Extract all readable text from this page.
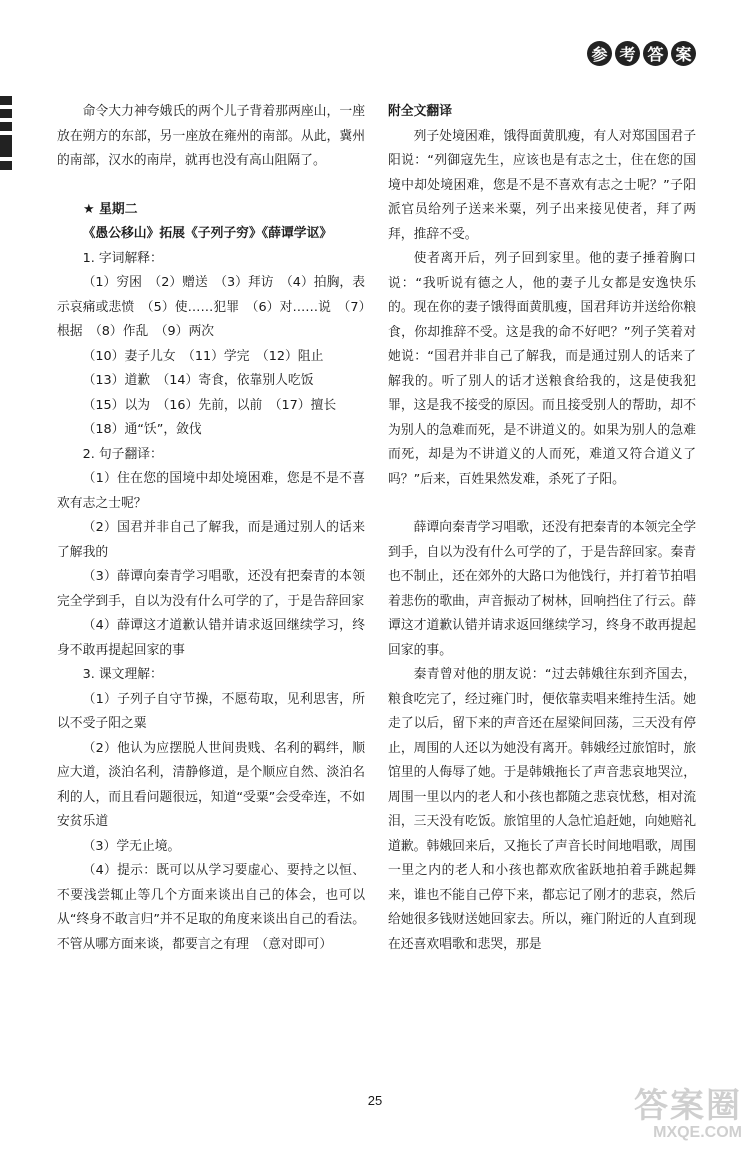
参 考 答 案

命令大力神夸娥氏的两个儿子背着那两座山，一座放在朔方的东部，另一座放在雍州的南部。从此，冀州的南部，汉水的南岸，就再也没有高山阻隔了。

★ 星期二

《愚公移山》拓展《子列子穷》《薛谭学讴》

1. 字词解释：

（1）穷困　（2）赠送　（3）拜访　（4）拍胸，表示哀痛或悲愤　（5）使……犯罪　（6）对……说　（7）根据　（8）作乱　（9）两次

（10）妻子儿女　（11）学完　（12）阻止

（13）道歉　（14）寄食，依靠别人吃饭

（15）以为　（16）先前，以前　（17）擅长

（18）通“饫”，敛伐

2. 句子翻译：

（1）住在您的国境中却处境困难，您是不是不喜欢有志之士呢？

（2）国君并非自己了解我，而是通过别人的话来了解我的

（3）薛谭向秦青学习唱歌，还没有把秦青的本领完全学到手，自以为没有什么可学的了，于是告辞回家

（4）薛谭这才道歉认错并请求返回继续学习，终身不敢再提起回家的事

3. 课文理解：

（1）子列子自守节操，不愿苟取，见利思害，所以不受子阳之粟

（2）他认为应摆脱人世间贵贱、名利的羁绊，顺应大道，淡泊名利，清静修道，是个顺应自然、淡泊名利的人，而且看问题很远，知道“受粟”会受牵连，不如安贫乐道

（3）学无止境。

（4）提示：既可以从学习要虚心、要持之以恒、不要浅尝辄止等几个方面来谈出自己的体会，也可以从“终身不敢言归”并不足取的角度来谈出自己的看法。不管从哪方面来谈，都要言之有理　（意对即可）

附全文翻译

列子处境困难，饿得面黄肌瘦，有人对郑国国君子阳说：“列御寇先生，应该也是有志之士，住在您的国境中却处境困难，您是不是不喜欢有志之士呢？”子阳派官员给列子送来米粟，列子出来接见使者，拜了两拜，推辞不受。

使者离开后，列子回到家里。他的妻子捶着胸口说：“我听说有德之人，他的妻子儿女都是安逸快乐的。现在你的妻子饿得面黄肌瘦，国君拜访并送给你粮食，你却推辞不受。这是我的命不好吧？”列子笑着对她说：“国君并非自己了解我，而是通过别人的话来了解我的。听了别人的话才送粮食给我的，这是使我犯罪，这是我不接受的原因。而且接受别人的帮助，却不为别人的急难而死，是不讲道义的。如果为别人的急难而死，却是为不讲道义的人而死，难道又符合道义了吗？”后来，百姓果然发难，杀死了子阳。

薛谭向秦青学习唱歌，还没有把秦青的本领完全学到手，自以为没有什么可学的了，于是告辞回家。秦青也不制止，还在郊外的大路口为他饯行，并打着节拍唱着悲伤的歌曲，声音振动了树林，回响挡住了行云。薛谭这才道歉认错并请求返回继续学习，终身不敢再提起回家的事。

秦青曾对他的朋友说：“过去韩娥往东到齐国去，粮食吃完了，经过雍门时，便依靠卖唱来维持生活。她走了以后，留下来的声音还在屋梁间回荡，三天没有停止，周围的人还以为她没有离开。韩娥经过旅馆时，旅馆里的人侮辱了她。于是韩娥拖长了声音悲哀地哭泣，周围一里以内的老人和小孩也都随之悲哀忧愁，相对流泪，三天没有吃饭。旅馆里的人急忙追赶她，向她赔礼道歉。韩娥回来后，又拖长了声音长时间地唱歌，周围一里之内的老人和小孩也都欢欣雀跃地拍着手跳起舞来，谁也不能自己停下来，都忘记了刚才的悲哀，然后给她很多钱财送她回家去。所以，雍门附近的人直到现在还喜欢唱歌和悲哭，那是

25	答案圈
MXQE.COM
